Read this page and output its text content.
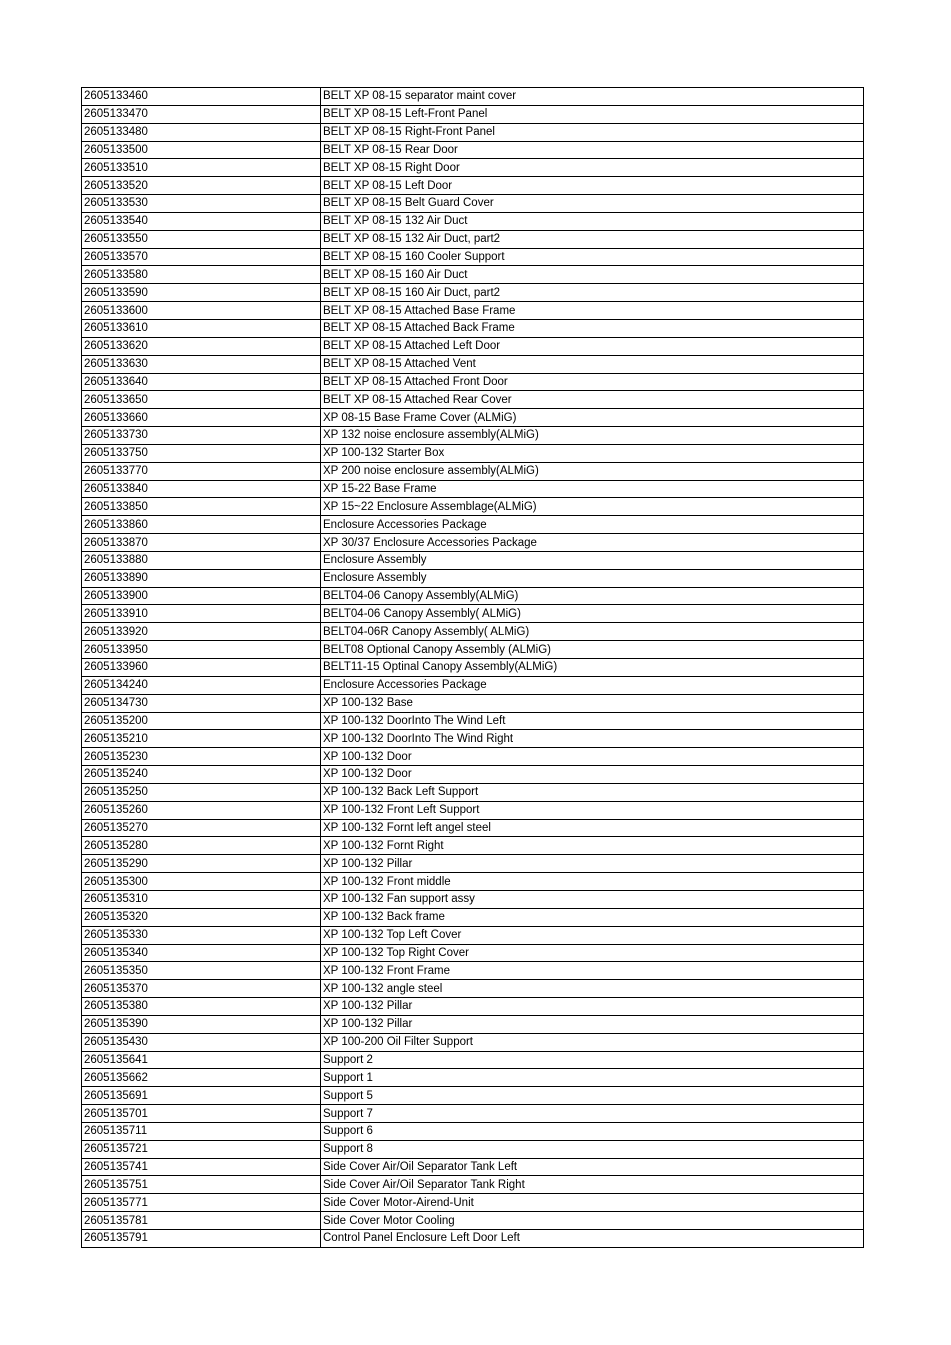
2605133460	BELT XP 08-15 separator maint cover
2605133470	BELT XP 08-15 Left-Front Panel
2605133480	BELT XP 08-15 Right-Front Panel
2605133500	BELT XP 08-15 Rear Door
2605133510	BELT XP 08-15 Right Door
2605133520	BELT XP 08-15 Left Door
2605133530	BELT XP 08-15 Belt Guard Cover
2605133540	BELT XP 08-15 132 Air Duct
2605133550	BELT XP 08-15 132 Air Duct, part2
2605133570	BELT XP 08-15 160 Cooler Support
2605133580	BELT XP 08-15 160 Air Duct
2605133590	BELT XP 08-15 160 Air Duct, part2
2605133600	BELT XP 08-15 Attached Base Frame
2605133610	BELT XP 08-15 Attached Back Frame
2605133620	BELT XP 08-15 Attached Left Door
2605133630	BELT XP 08-15 Attached Vent
2605133640	BELT XP 08-15 Attached Front Door
2605133650	BELT XP 08-15 Attached Rear Cover
2605133660	XP 08-15 Base Frame Cover (ALMiG)
2605133730	XP 132 noise enclosure assembly(ALMiG)
2605133750	XP 100-132 Starter Box
2605133770	XP 200 noise enclosure assembly(ALMiG)
2605133840	XP 15-22 Base Frame
2605133850	XP 15~22 Enclosure Assemblage(ALMiG)
2605133860	Enclosure Accessories Package
2605133870	XP 30/37 Enclosure Accessories Package
2605133880	Enclosure Assembly
2605133890	Enclosure Assembly
2605133900	BELT04-06 Canopy Assembly(ALMiG)
2605133910	BELT04-06 Canopy Assembly( ALMiG)
2605133920	BELT04-06R Canopy Assembly( ALMiG)
2605133950	BELT08 Optional Canopy Assembly (ALMiG)
2605133960	BELT11-15 Optinal Canopy Assembly(ALMiG)
2605134240	Enclosure Accessories Package
2605134730	XP 100-132 Base
2605135200	XP 100-132 DoorInto The Wind Left
2605135210	XP 100-132 DoorInto The Wind Right
2605135230	XP 100-132 Door
2605135240	XP 100-132 Door
2605135250	XP 100-132 Back Left Support
2605135260	XP 100-132 Front Left Support
2605135270	XP 100-132 Fornt left angel steel
2605135280	XP 100-132 Fornt Right
2605135290	XP 100-132 Pillar
2605135300	XP 100-132 Front middle
2605135310	XP 100-132 Fan support assy
2605135320	XP 100-132 Back frame
2605135330	XP 100-132 Top Left Cover
2605135340	XP 100-132 Top Right Cover
2605135350	XP 100-132 Front Frame
2605135370	XP 100-132 angle steel
2605135380	XP 100-132 Pillar
2605135390	XP 100-132 Pillar
2605135430	XP 100-200 Oil Filter Support
2605135641	Support 2
2605135662	Support 1
2605135691	Support 5
2605135701	Support 7
2605135711	Support 6
2605135721	Support 8
2605135741	Side Cover Air/Oil Separator Tank Left
2605135751	Side Cover Air/Oil Separator Tank Right
2605135771	Side Cover Motor-Airend-Unit
2605135781	Side Cover Motor Cooling
2605135791	Control Panel Enclosure Left Door Left
